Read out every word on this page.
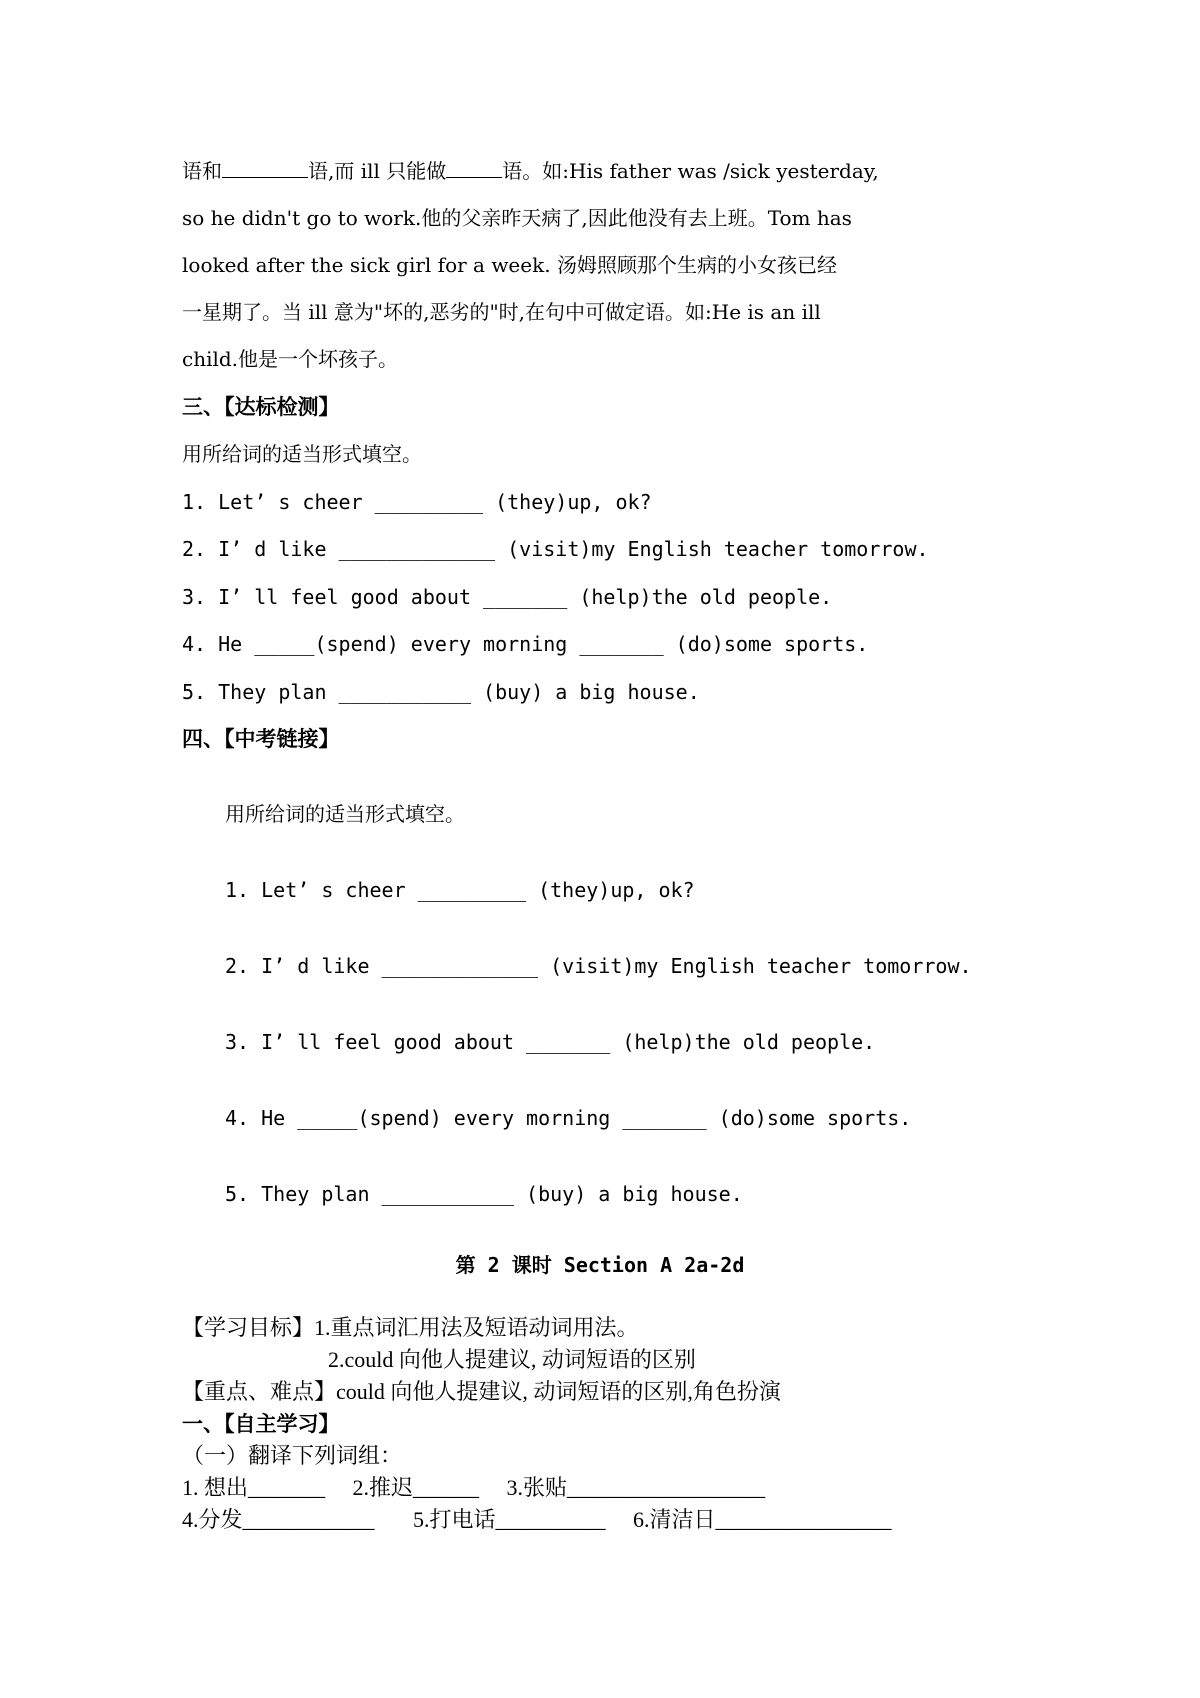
语和	语,而 ill 只能做	语。如:His father was /sick yesterday,
so he didn't go to work.他的父亲昨天病了,因此他没有去上班。Tom has
looked after the sick girl for a week. 汤姆照顾那个生病的小女孩已经
一星期了。当 ill 意为"坏的,恶劣的"时,在句中可做定语。如:He is an ill
child.他是一个坏孩子。
三、【达标检测】
用所给词的适当形式填空。
1. Let’ s cheer _________ (they)up, ok?
2. I’ d like _____________ (visit)my English teacher tomorrow.
3. I’ ll feel good about _______ (help)the old people.
4. He _____(spend) every morning _______ (do)some sports.
5. They plan ___________ (buy) a big house.
四、【中考链接】
用所给词的适当形式填空。
1. Let’ s cheer _________ (they)up, ok?
2. I’ d like _____________ (visit)my English teacher tomorrow.
3. I’ ll feel good about _______ (help)the old people.
4. He _____(spend) every morning _______ (do)some sports.
5. They plan ___________ (buy) a big house.
第 2 课时 Section A 2a-2d
【学习目标】1.重点词汇用法及短语动词用法。
2.could 向他人提建议, 动词短语的区别
【重点、难点】could 向他人提建议, 动词短语的区别,角色扮演
一、【自主学习】
（一）翻译下列词组：
1. 想出_______     2.推迟______     3.张贴__________________
4.分发____________       5.打电话__________     6.清洁日________________
